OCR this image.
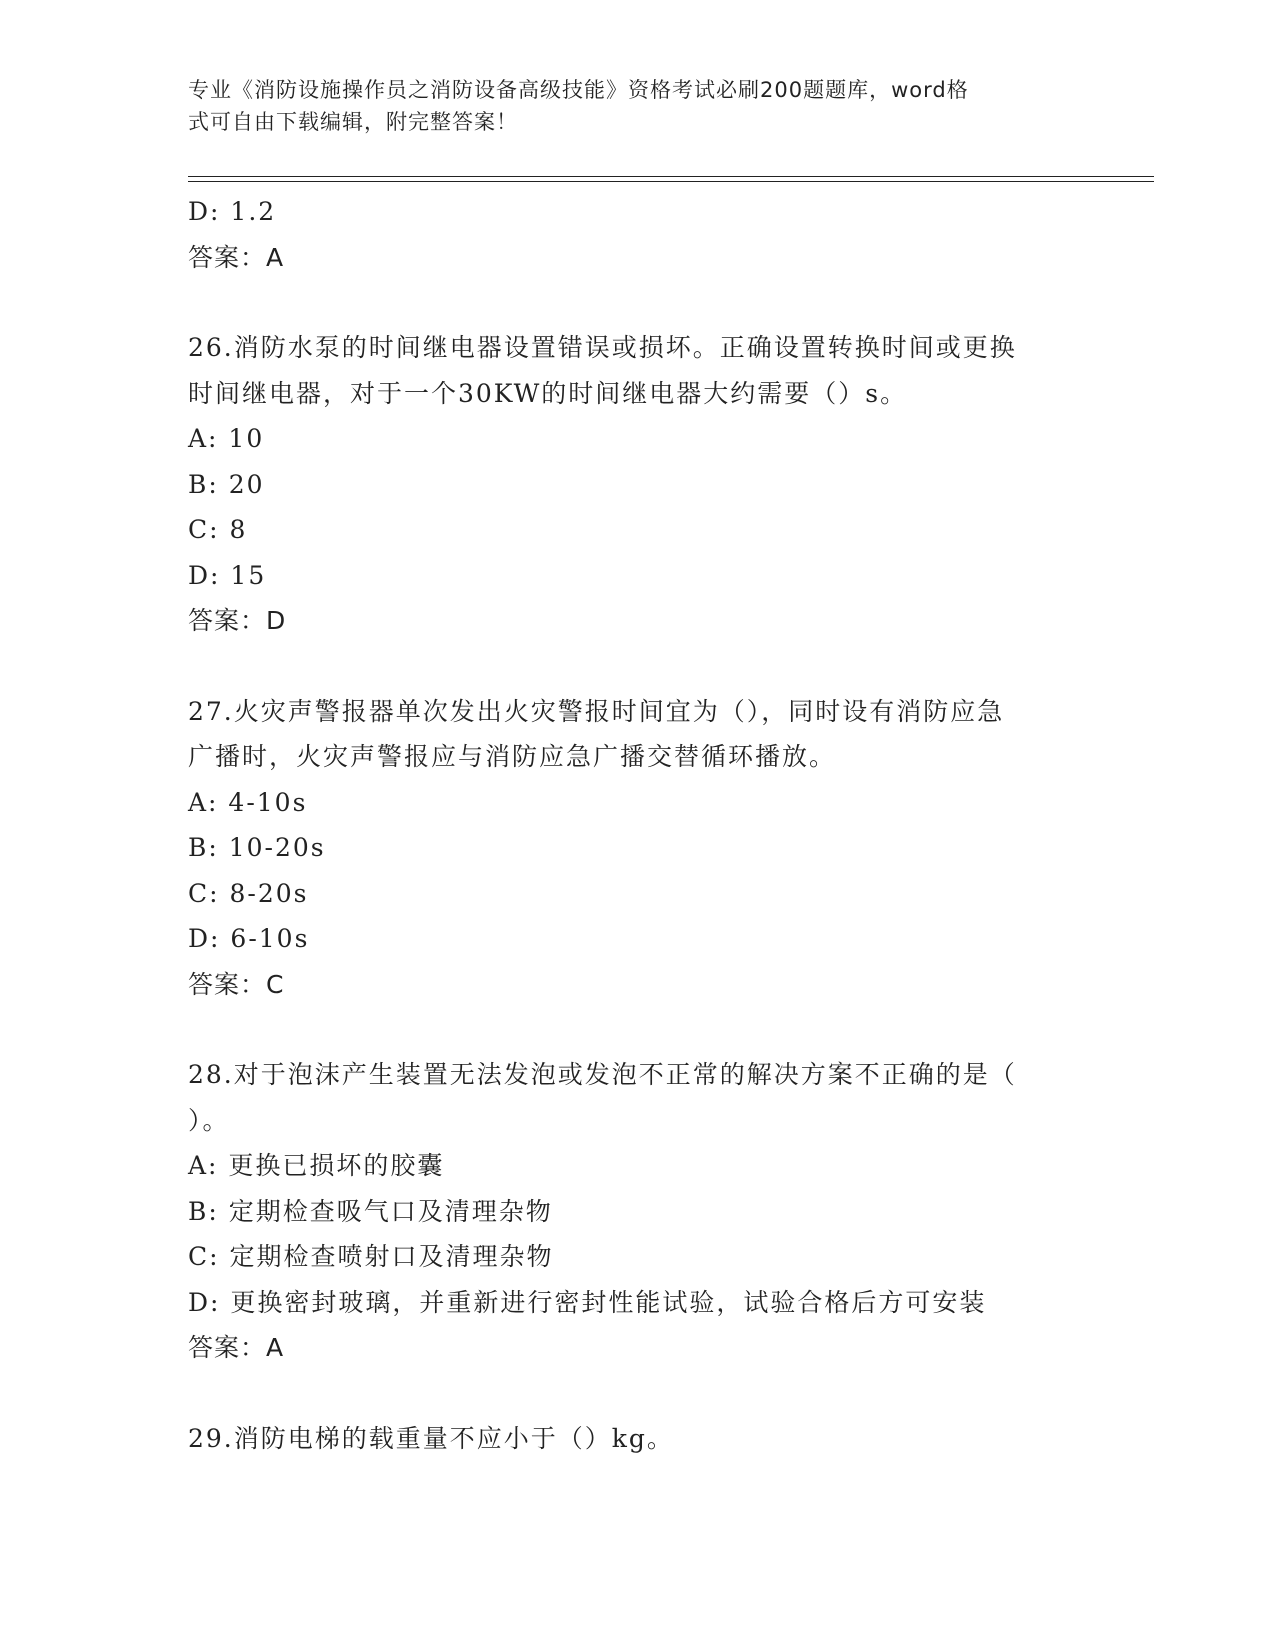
专业《消防设施操作员之消防设备高级技能》资格考试必刷200题题库，word格
式可自由下载编辑，附完整答案！
D: 1.2
答案：A
26.消防水泵的时间继电器设置错误或损坏。正确设置转换时间或更换
时间继电器，对于一个30KW的时间继电器大约需要（）s。
A: 10
B: 20
C: 8
D: 15
答案：D
27.火灾声警报器单次发出火灾警报时间宜为（），同时设有消防应急
广播时，火灾声警报应与消防应急广播交替循环播放。
A: 4-10s
B: 10-20s
C: 8-20s
D: 6-10s
答案：C
28.对于泡沫产生装置无法发泡或发泡不正常的解决方案不正确的是（
）。
A: 更换已损坏的胶囊
B: 定期检查吸气口及清理杂物
C: 定期检查喷射口及清理杂物
D: 更换密封玻璃，并重新进行密封性能试验，试验合格后方可安装
答案：A
29.消防电梯的载重量不应小于（）kg。
